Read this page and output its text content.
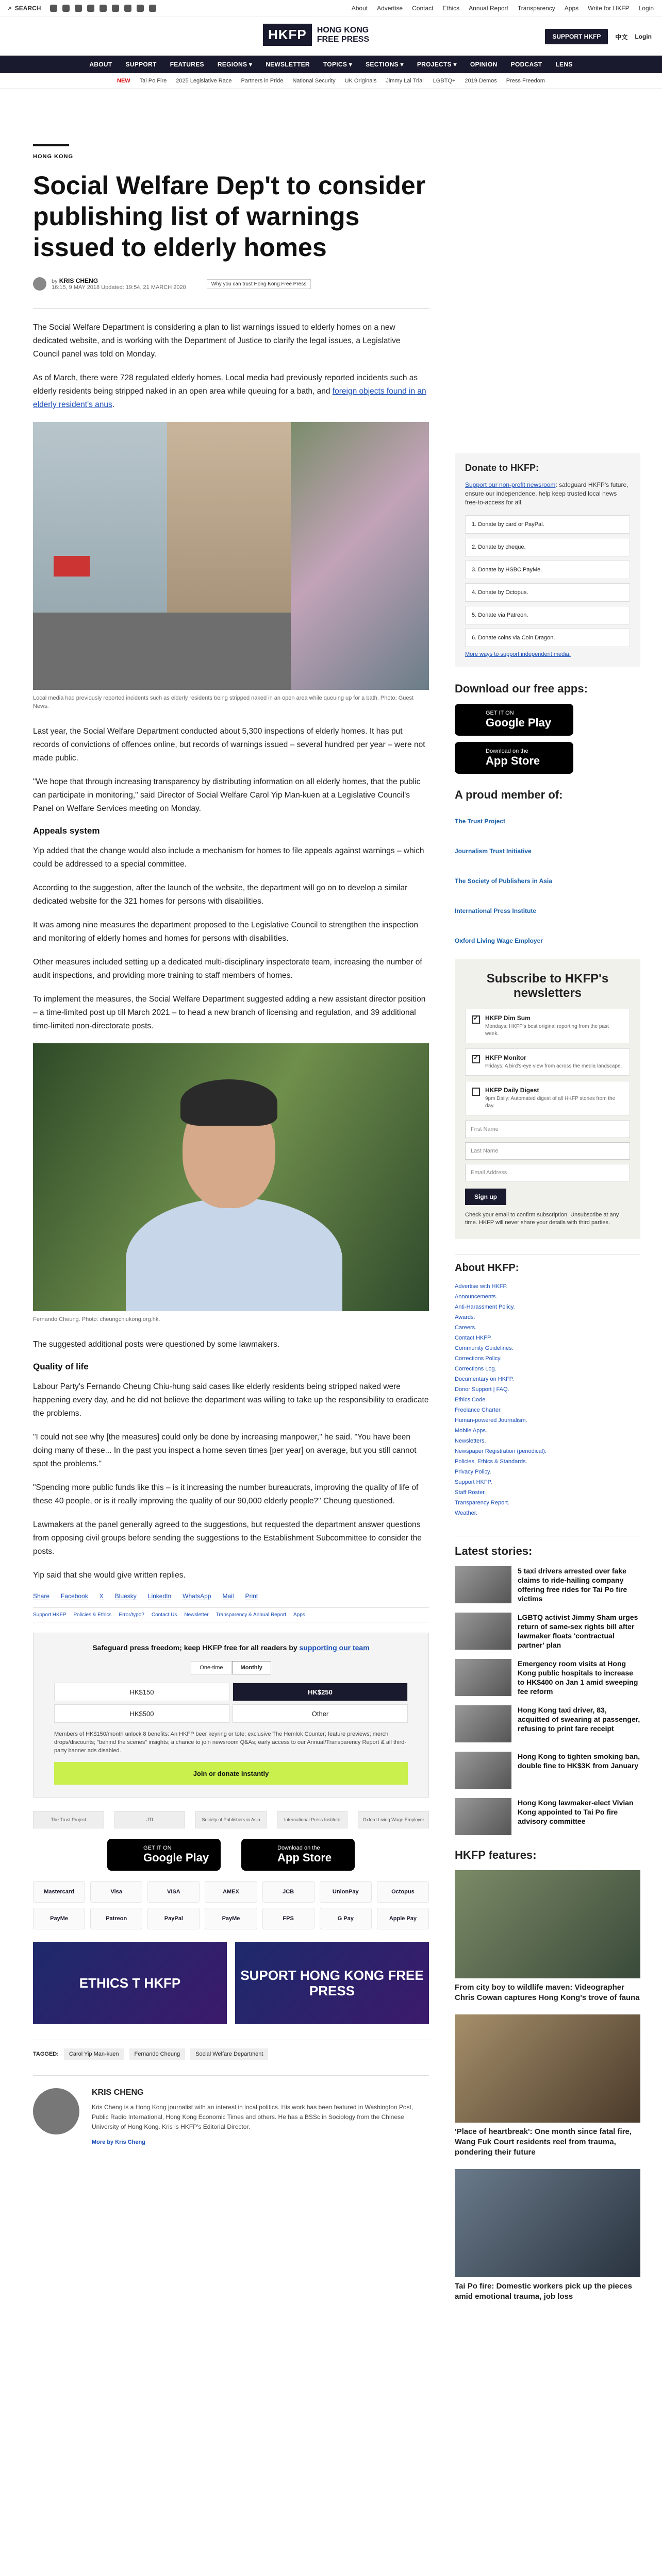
⌕ SEARCH	About Advertise Contact Ethics Annual Report Transparency Apps Write for HKFP Login
HKFP	HONG KONG
FREE PRESS	SUPPORT HKFP	中文 Login
ABOUT SUPPORT FEATURES REGIONS ▾ NEWSLETTER TOPICS ▾ SECTIONS ▾ PROJECTS ▾ OPINION PODCAST LENS
NEW Tai Po Fire 2025 Legislative Race Partners in Pride National Security UK Originals Jimmy Lai Trial LGBTQ+ 2019 Demos Press Freedom
HONG KONG
Social Welfare Dep't to consider publishing list of warnings issued to elderly homes
by KRIS CHENG
16:15, 9 MAY 2018 Updated: 19:54, 21 MARCH 2020
Why you can trust Hong Kong Free Press

The Social Welfare Department is considering a plan to list warnings issued to elderly homes on a new dedicated website, and is working with the Department of Justice to clarify the legal issues, a Legislative Council panel was told on Monday.

As of March, there were 728 regulated elderly homes. Local media had previously reported incidents such as elderly residents being stripped naked in an open area while queuing for a bath, and foreign objects found in an elderly resident's anus.

Local media had previously reported incidents such as elderly residents being stripped naked in an open area while queuing up for a bath. Photo: Guest News.

Last year, the Social Welfare Department conducted about 5,300 inspections of elderly homes. It has put records of convictions of offences online, but records of warnings issued – several hundred per year – were not made public.

"We hope that through increasing transparency by distributing information on all elderly homes, that the public can participate in monitoring," said Director of Social Welfare Carol Yip Man-kuen at a Legislative Council's Panel on Welfare Services meeting on Monday.

Appeals system

Yip added that the change would also include a mechanism for homes to file appeals against warnings – which could be addressed to a special committee.

According to the suggestion, after the launch of the website, the department will go on to develop a similar dedicated website for the 321 homes for persons with disabilities.

It was among nine measures the department proposed to the Legislative Council to strengthen the inspection and monitoring of elderly homes and homes for persons with disabilities.

Other measures included setting up a dedicated multi-disciplinary inspectorate team, increasing the number of audit inspections, and providing more training to staff members of homes.

To implement the measures, the Social Welfare Department suggested adding a new assistant director position – a time-limited post up till March 2021 – to head a new branch of licensing and regulation, and 39 additional time-limited non-directorate posts.

Fernando Cheung. Photo: cheungchiukong.org.hk.

The suggested additional posts were questioned by some lawmakers.

Quality of life

Labour Party's Fernando Cheung Chiu-hung said cases like elderly residents being stripped naked were happening every day, and he did not believe the department was willing to take up the responsibility to eradicate the problems.

"I could not see why [the measures] could only be done by increasing manpower," he said. "You have been doing many of these... In the past you inspect a home seven times [per year] on average, but you still cannot spot the problems."

"Spending more public funds like this – is it increasing the number bureaucrats, improving the quality of life of these 40 people, or is it really improving the quality of our 90,000 elderly people?" Cheung questioned.

Lawmakers at the panel generally agreed to the suggestions, but requested the department answer questions from opposing civil groups before sending the suggestions to the Establishment Subcommittee to consider the posts.

Yip said that she would give written replies.

Share Facebook X Bluesky LinkedIn WhatsApp Mail Print
Support HKFP Policies & Ethics Error/typo? Contact Us Newsletter Transparency & Annual Report Apps
Safeguard press freedom; keep HKFP free for all readers by supporting our team
One-time	Monthly
HK$150	HK$250
HK$500	Other
Members of HK$150/month unlock 8 benefits: An HKFP beer keyring or tote; exclusive The Hemlok Counter; feature previews; merch drops/discounts; "behind the scenes" insights; a chance to join newsroom Q&As; early access to our Annual/Transparency Report & all third-party banner ads disabled.
Join or donate instantly
The Trust Project	JTI	Society of Publishers in Asia	International Press Institute	Oxford Living Wage Employer
GET IT ON
Google Play
Download on the
App Store
Mastercard	Visa	VISA	AMEX	JCB	UnionPay	Octopus
PayMe	Patreon	PayPal	PayMe	FPS	G Pay	Apple Pay
ETHICS T HKFP	SUPORT HONG KONG FREE PRESS
TAGGED:	Carol Yip Man-kuen	Fernando Cheung	Social Welfare Department
KRIS CHENG
Kris Cheng is a Hong Kong journalist with an interest in local politics. His work has been featured in Washington Post, Public Radio International, Hong Kong Economic Times and others. He has a BSSc in Sociology from the Chinese University of Hong Kong. Kris is HKFP's Editorial Director.
More by Kris Cheng
Donate to HKFP:
Support our non-profit newsroom: safeguard HKFP's future, ensure our independence, help keep trusted local news free-to-access for all.
1. Donate by card or PayPal.
2. Donate by cheque.
3. Donate by HSBC PayMe.
4. Donate by Octopus.
5. Donate via Patreon.
6. Donate coins via Coin Dragon.
More ways to support independent media.
Download our free apps:
GET IT ON
Google Play
Download on the
App Store
A proud member of:
The Trust Project
Journalism Trust Initiative
The Society of Publishers in Asia
International Press Institute
Oxford Living Wage Employer
Subscribe to HKFP's newsletters
✓
HKFP Dim Sum
Mondays: HKFP's best original reporting from the past week.
✓
HKFP Monitor
Fridays: A bird's-eye view from across the media landscape.
HKFP Daily Digest
9pm Daily: Automated digest of all HKFP stories from the day.
First Name
Last Name
Email Address
Sign up
Check your email to confirm subscription. Unsubscribe at any time. HKFP will never share your details with third parties.
About HKFP:
Advertise with HKFP.
Announcements.
Anti-Harassment Policy.
Awards.
Careers.
Contact HKFP.
Community Guidelines.
Corrections Policy.
Corrections Log.
Documentary on HKFP.
Donor Support | FAQ.
Ethics Code.
Freelance Charter.
Human-powered Journalism.
Mobile Apps.
Newsletters.
Newspaper Registration (periodical).
Policies, Ethics & Standards.
Privacy Policy.
Support HKFP.
Staff Roster.
Transparency Report.
Weather.
Latest stories:
5 taxi drivers arrested over fake claims to ride-hailing company offering free rides for Tai Po fire victims
LGBTQ activist Jimmy Sham urges return of same-sex rights bill after lawmaker floats 'contractual partner' plan
Emergency room visits at Hong Kong public hospitals to increase to HK$400 on Jan 1 amid sweeping fee reform
Hong Kong taxi driver, 83, acquitted of swearing at passenger, refusing to print fare receipt
Hong Kong to tighten smoking ban, double fine to HK$3K from January
Hong Kong lawmaker-elect Vivian Kong appointed to Tai Po fire advisory committee
HKFP features:
From city boy to wildlife maven: Videographer Chris Cowan captures Hong Kong's trove of fauna
'Place of heartbreak': One month since fatal fire, Wang Fuk Court residents reel from trauma, pondering their future
Tai Po fire: Domestic workers pick up the pieces amid emotional trauma, job loss
